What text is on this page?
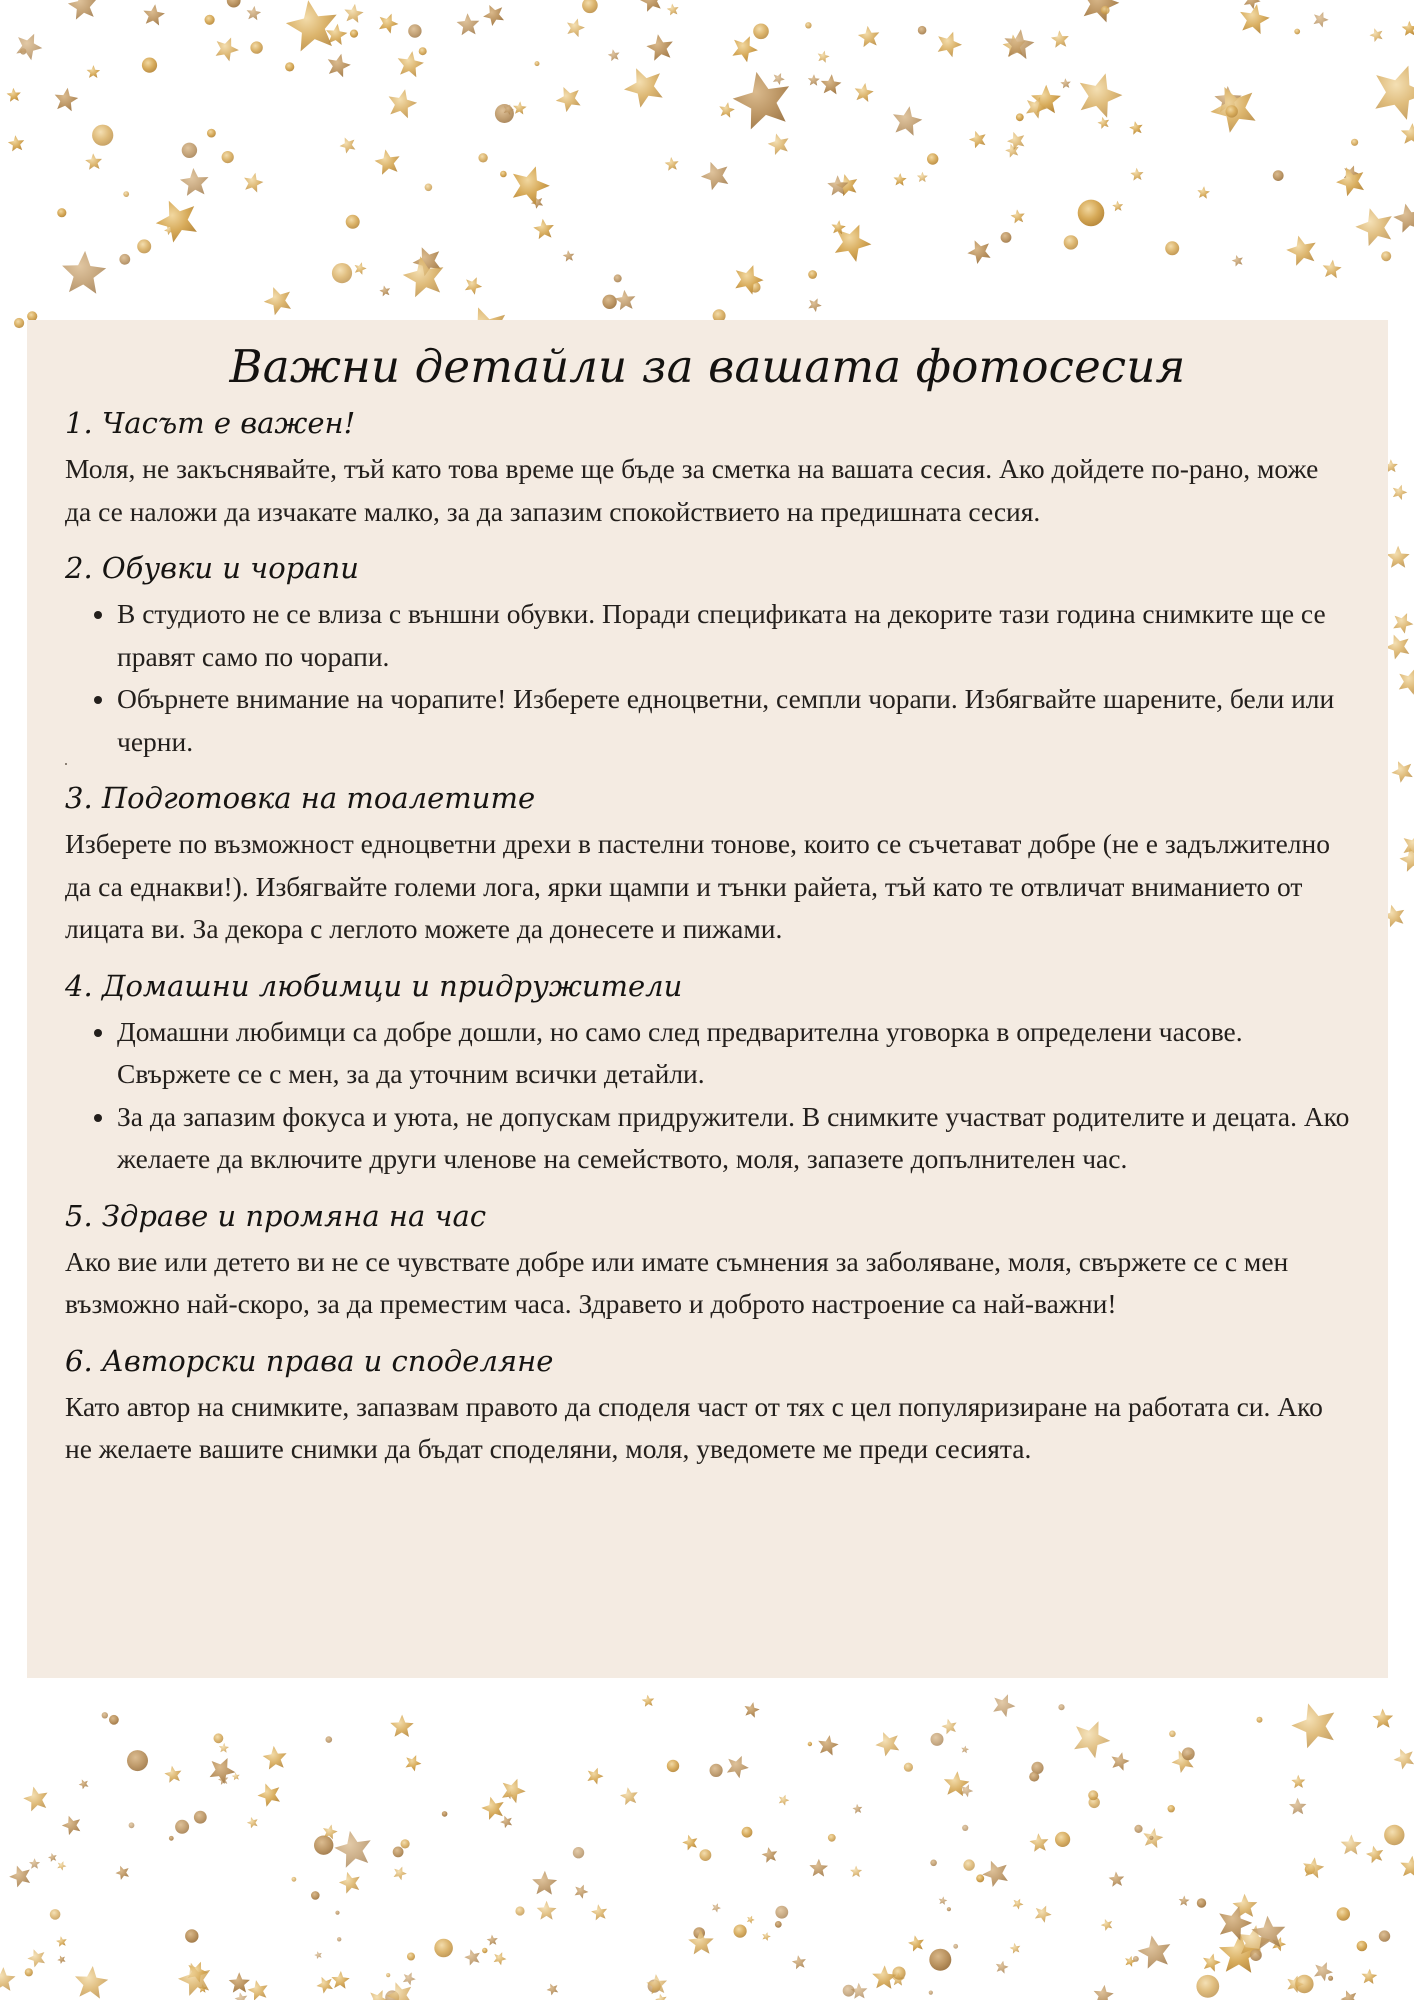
Важни детайли за вашата фотосесия
1. Часът е важен!

Моля, не закъснявайте, тъй като това време ще бъде за сметка на вашата сесия. Ако дойдете по-рано, може да се наложи да изчакате малко, за да запазим спокойствието на предишната сесия.

2. Обувки и чорапи
• В студиото не се влиза с външни обувки. Поради спецификата на декорите тази година снимките ще се правят само по чорапи.
• Обърнете внимание на чорапите! Изберете едноцветни, семпли чорапи. Избягвайте шарените, бели или черни.
3. Подготовка на тоалетите

Изберете по възможност едноцветни дрехи в пастелни тонове, които се съчетават добре (не е задължително да са еднакви!). Избягвайте големи лога, ярки щампи и тънки райета, тъй като те отвличат вниманието от лицата ви. За декора с леглото можете да донесете и пижами.

4. Домашни любимци и придружители
• Домашни любимци са добре дошли, но само след предварителна уговорка в определени часове. Свържете се с мен, за да уточним всички детайли.
• За да запазим фокуса и уюта, не допускам придружители. В снимките участват родителите и децата. Ако желаете да включите други членове на семейството, моля, запазете допълнителен час.
5. Здраве и промяна на час

Ако вие или детето ви не се чувствате добре или имате съмнения за заболяване, моля, свържете се с мен възможно най-скоро, за да преместим часа. Здравето и доброто настроение са най-важни!

6. Авторски права и споделяне

Като автор на снимките, запазвам правото да споделя част от тях с цел популяризиране на работата си. Ако не желаете вашите снимки да бъдат споделяни, моля, уведомете ме преди сесията.
